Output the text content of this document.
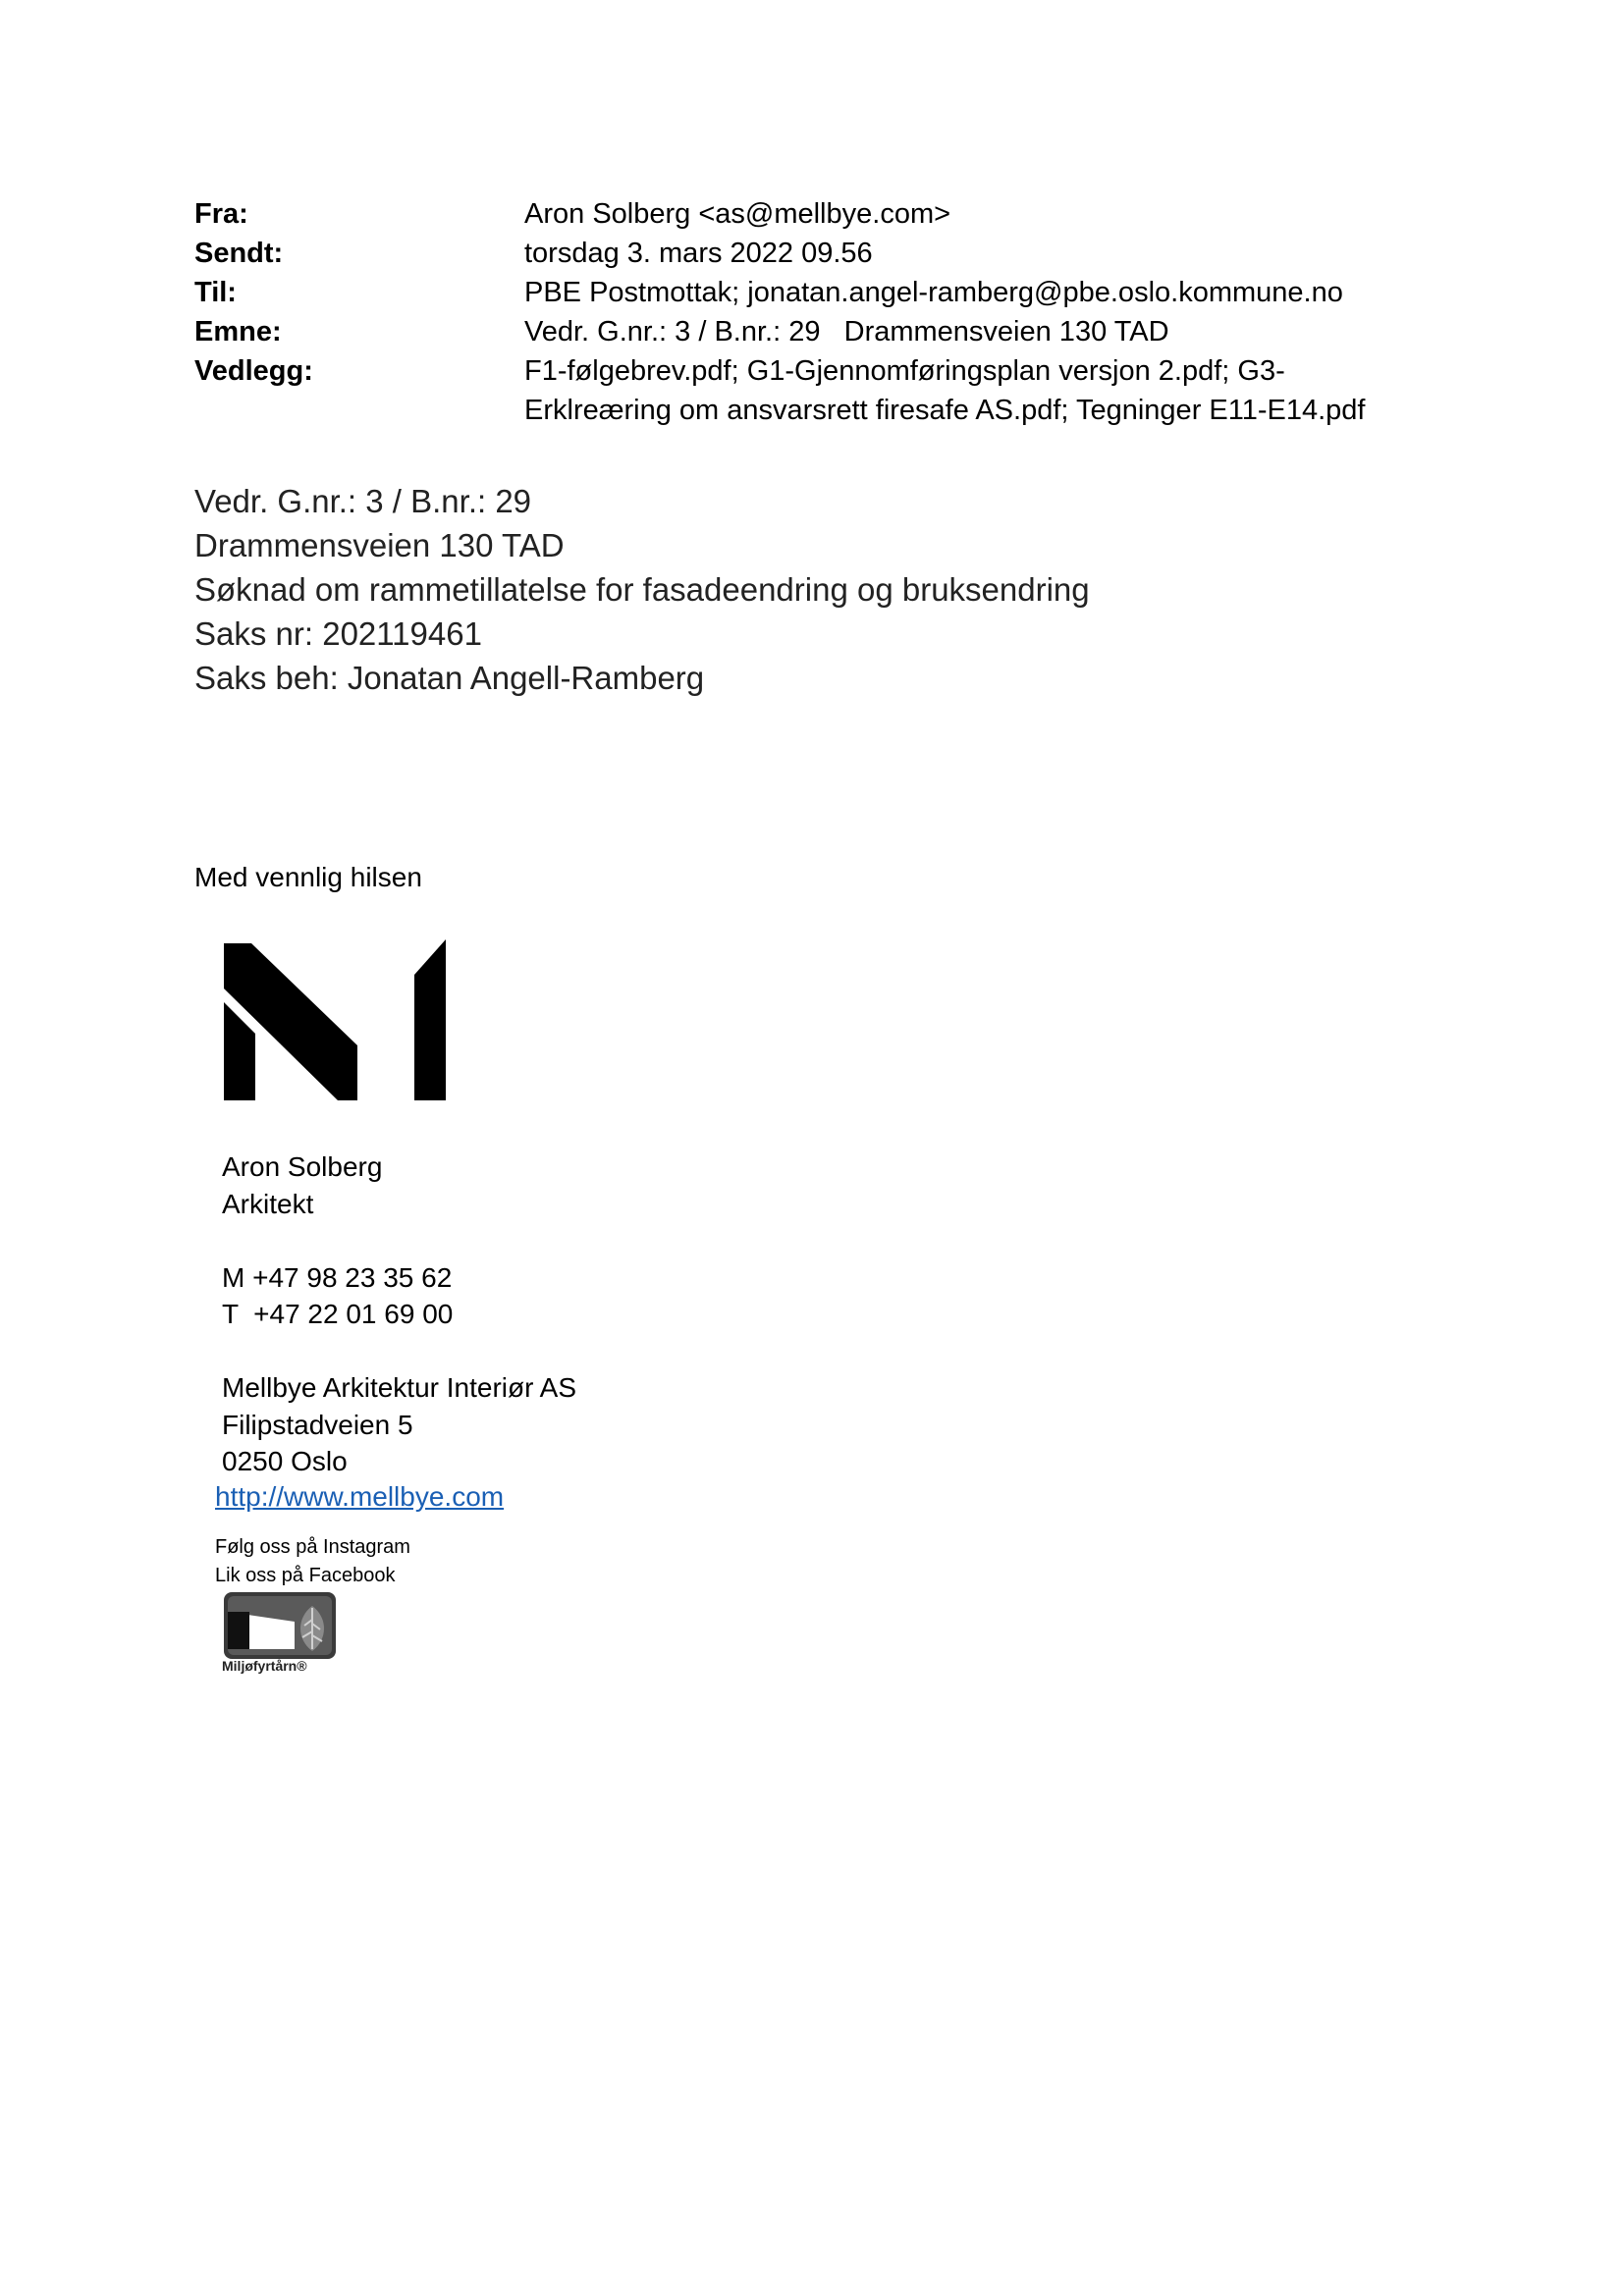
Fra:	Aron Solberg <as@mellbye.com>
Sendt:	torsdag 3. mars 2022 09.56
Til:	PBE Postmottak; jonatan.angel-ramberg@pbe.oslo.kommune.no
Emne:	Vedr. G.nr.: 3 / B.nr.: 29   Drammensveien 130 TAD
Vedlegg:	F1-følgebrev.pdf; G1-Gjennomføringsplan versjon 2.pdf; G3-Erklreæring om ansvarsrett firesafe AS.pdf; Tegninger E11-E14.pdf
Vedr. G.nr.: 3 / B.nr.: 29
Drammensveien 130 TAD
Søknad om rammetillatelse for fasadeendring og bruksendring
Saks nr: 202119461
Saks beh: Jonatan Angell-Ramberg
Med vennlig hilsen
Aron Solberg
Arkitekt
M +47 98 23 35 62
T  +47 22 01 69 00
Mellbye Arkitektur Interiør AS
Filipstadveien 5
0250 Oslo
http://www.mellbye.com
Følg oss på Instagram
Lik oss på Facebook
Miljøfyrtårn®
